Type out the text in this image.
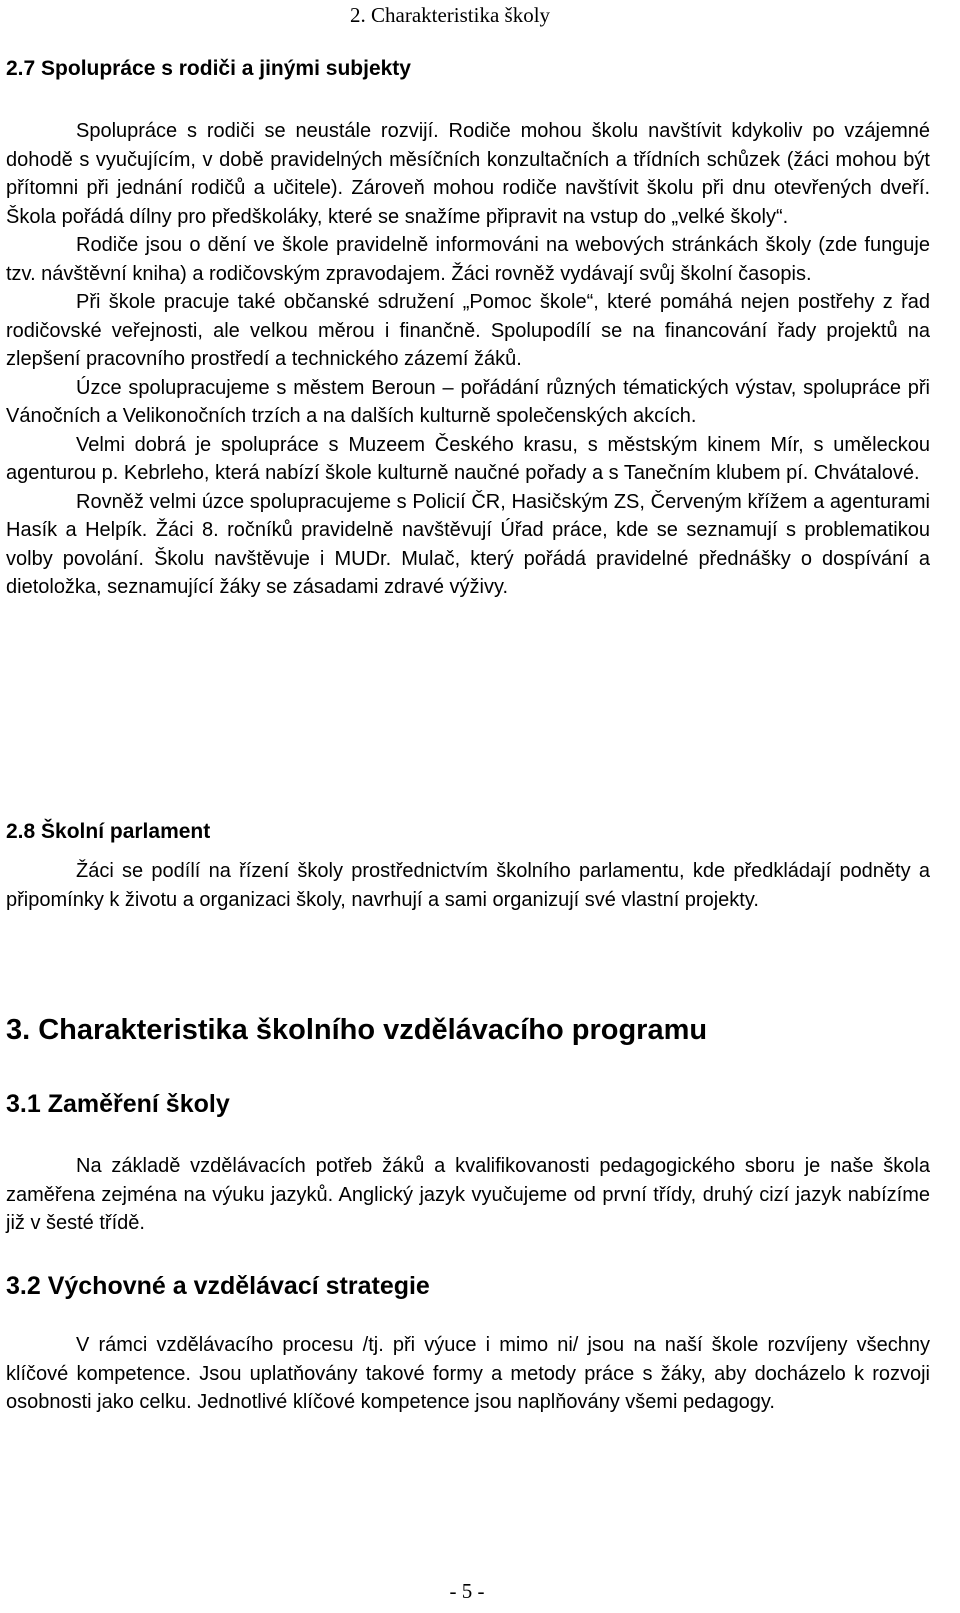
2. Charakteristika školy
2.7 Spolupráce s rodiči a jinými subjekty

Spolupráce s rodiči se neustále rozvijí. Rodiče mohou školu navštívit kdykoliv po vzájemné dohodě s vyučujícím, v době pravidelných měsíčních konzultačních a třídních schůzek (žáci mohou být přítomni při jednání rodičů a učitele). Zároveň mohou rodiče navštívit školu při dnu otevřených dveří. Škola pořádá dílny pro předškoláky, které se snažíme připravit na vstup do „velké školy“.

Rodiče jsou o dění ve škole pravidelně informováni na webových stránkách školy (zde funguje tzv. návštěvní kniha) a rodičovským zpravodajem. Žáci rovněž vydávají svůj školní časopis.

Při škole pracuje také občanské sdružení „Pomoc škole“, které pomáhá nejen postřehy z řad rodičovské veřejnosti, ale velkou měrou i finančně. Spolupodílí se na financování řady projektů na zlepšení pracovního prostředí a technického zázemí žáků.

Úzce spolupracujeme s městem Beroun – pořádání různých tématických výstav, spolupráce při Vánočních a Velikonočních trzích a na dalších kulturně společenských akcích.

Velmi dobrá je spolupráce s Muzeem Českého krasu, s městským kinem Mír, s uměleckou agenturou p. Kebrleho, která nabízí škole kulturně naučné pořady a s Tanečním klubem pí. Chvátalové.

Rovněž velmi úzce spolupracujeme s Policií ČR, Hasičským ZS, Červeným křížem a agenturami Hasík a Helpík. Žáci 8. ročníků pravidelně navštěvují Úřad práce, kde se seznamují s problematikou volby povolání. Školu navštěvuje i MUDr. Mulač, který pořádá pravidelné přednášky o dospívání a dietoložka, seznamující žáky se zásadami zdravé výživy.

2.8 Školní parlament

Žáci se podílí na řízení školy prostřednictvím školního parlamentu, kde předkládají podněty a připomínky k životu a organizaci školy, navrhují a sami organizují své vlastní projekty.

3. Charakteristika školního vzdělávacího programu
3.1 Zaměření školy

Na základě vzdělávacích potřeb žáků a kvalifikovanosti pedagogického sboru je naše škola zaměřena zejména na výuku jazyků. Anglický jazyk vyučujeme od první třídy, druhý cizí jazyk nabízíme již v šesté třídě.

3.2 Výchovné a vzdělávací strategie

V rámci vzdělávacího procesu /tj. při výuce i mimo ni/ jsou na naší škole rozvíjeny všechny klíčové kompetence. Jsou uplatňovány takové formy a metody práce s žáky, aby docházelo k rozvoji osobnosti jako celku. Jednotlivé klíčové kompetence jsou naplňovány všemi pedagogy.

- 5 -
